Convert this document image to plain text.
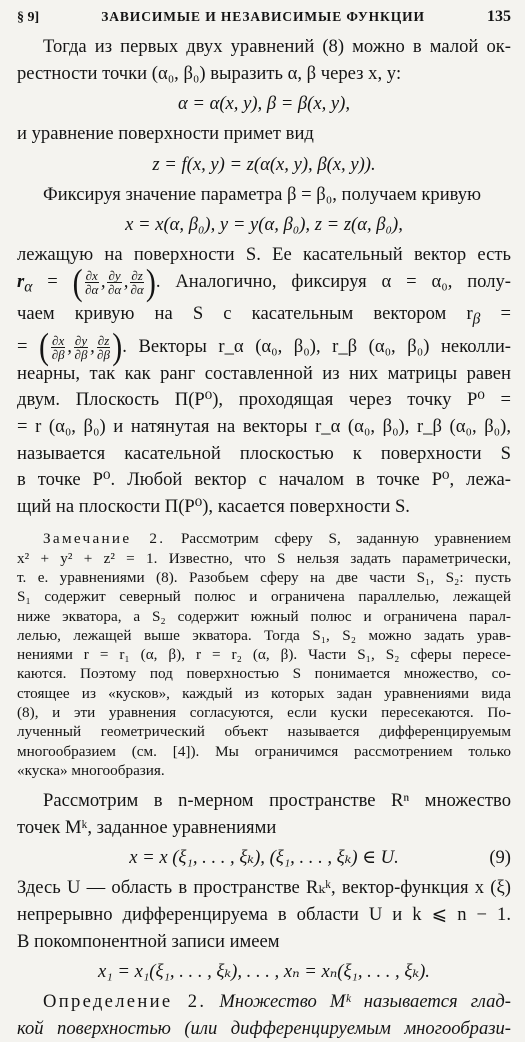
§ 9]	ЗАВИСИМЫЕ И НЕЗАВИСИМЫЕ ФУНКЦИИ	135

Тогда из первых двух уравнений (8) можно в малой ок-
рестности точки (α₀, β₀) выразить α, β через x, y:

α = α(x, y), β = β(x, y),

и уравнение поверхности примет вид

z = f(x, y) = z(α(x, y), β(x, y)).

Фиксируя значение параметра β = β₀, получаем кривую

x = x(α, β₀), y = y(α, β₀), z = z(α, β₀),

лежащую на поверхности S. Ее касательный вектор есть
$r_\alpha$ = ( $\frac{\partial x}{\partial\alpha}$ , $\frac{\partial y}{\partial\alpha}$ , $\frac{\partial z}{\partial\alpha}$ ) . Аналогично, фиксируя α = α₀, полу-
чаем кривую на S с касательным вектором $r_\beta$ =
= ( $\frac{\partial x}{\partial\beta}$ , $\frac{\partial y}{\partial\beta}$ , $\frac{\partial z}{\partial\beta}$ ) . Векторы r_α (α₀, β₀), r_β (α₀, β₀) неколли-
неарны, так как ранг составленной из них матрицы равен
двум. Плоскость Π(P⁰), проходящая через точку P⁰ =
= r (α₀, β₀) и натянутая на векторы r_α (α₀, β₀), r_β (α₀, β₀),
называется касательной плоскостью к поверхности S
в точке P⁰. Любой вектор с началом в точке P⁰, лежа-
щий на плоскости Π(P⁰), касается поверхности S.

Замечание 2. Рассмотрим сферу S, заданную уравнением
x² + y² + z² = 1. Известно, что S нельзя задать параметрически,
т. е. уравнениями (8). Разобьем сферу на две части S₁, S₂: пусть
S₁ содержит северный полюс и ограничена параллелью, лежащей
ниже экватора, а S₂ содержит южный полюс и ограничена парал-
лелью, лежащей выше экватора. Тогда S₁, S₂ можно задать урав-
нениями r = r₁ (α, β), r = r₂ (α, β). Части S₁, S₂ сферы пересе-
каются. Поэтому под поверхностью S понимается множество, со-
стоящее из «кусков», каждый из которых задан уравнениями вида
(8), и эти уравнения согласуются, если куски пересекаются. По-
лученный геометрический объект называется дифференцируемым
многообразием (см. [4]). Мы ограничимся рассмотрением только
«куска» многообразия.

Рассмотрим в n-мерном пространстве Rⁿ множество
точек Mᵏ, заданное уравнениями

x = x (ξ₁, . . . , ξₖ), (ξ₁, . . . , ξₖ) ∈ U.	(9)

Здесь U — область в пространстве Rₖᵏ, вектор-функция x (ξ)
непрерывно дифференцируема в области U и k ⩽ n − 1.
В покомпонентной записи имеем

x₁ = x₁(ξ₁, . . . , ξₖ), . . . , xₙ = xₙ(ξ₁, . . . , ξₖ).
Определение 2. Множество Mᵏ называется глад-
кой поверхностью (или дифференцируемым многообрази-
